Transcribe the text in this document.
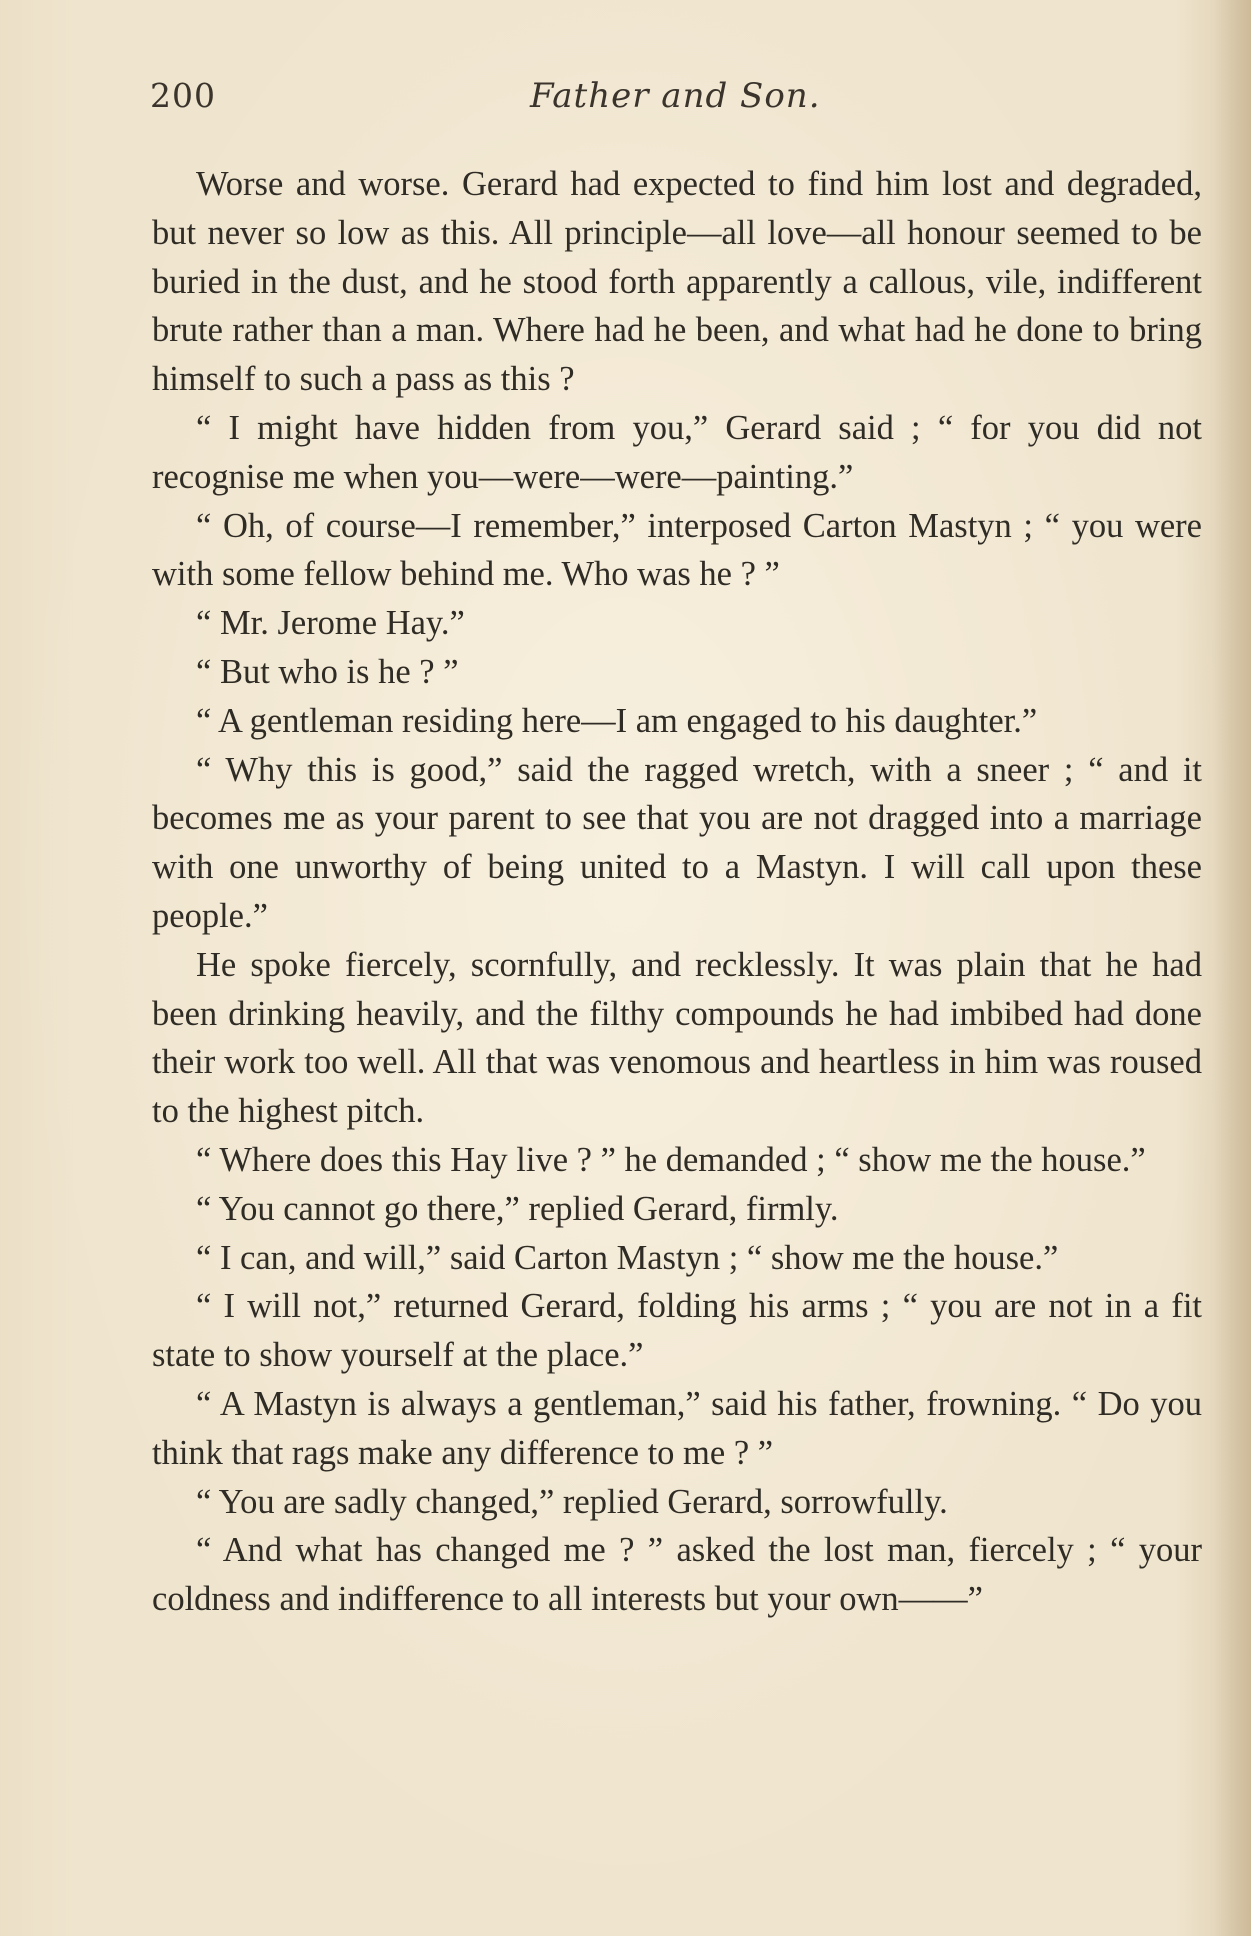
200	Father and Son.

Worse and worse. Gerard had expected to find him lost and degraded, but never so low as this. All principle—all love—all honour seemed to be buried in the dust, and he stood forth apparently a callous, vile, indifferent brute rather than a man. Where had he been, and what had he done to bring himself to such a pass as this ?

“ I might have hidden from you,” Gerard said ; “ for you did not recognise me when you—were—were—painting.”

“ Oh, of course—I remember,” interposed Carton Mastyn ; “ you were with some fellow behind me. Who was he ? ”

“ Mr. Jerome Hay.”

“ But who is he ? ”

“ A gentleman residing here—I am engaged to his daughter.”

“ Why this is good,” said the ragged wretch, with a sneer ; “ and it becomes me as your parent to see that you are not dragged into a marriage with one unworthy of being united to a Mastyn. I will call upon these people.”

He spoke fiercely, scornfully, and recklessly. It was plain that he had been drinking heavily, and the filthy compounds he had imbibed had done their work too well. All that was venomous and heartless in him was roused to the highest pitch.

“ Where does this Hay live ? ” he demanded ; “ show me the house.”

“ You cannot go there,” replied Gerard, firmly.

“ I can, and will,” said Carton Mastyn ; “ show me the house.”

“ I will not,” returned Gerard, folding his arms ; “ you are not in a fit state to show yourself at the place.”

“ A Mastyn is always a gentleman,” said his father, frowning. “ Do you think that rags make any difference to me ? ”

“ You are sadly changed,” replied Gerard, sorrowfully.

“ And what has changed me ? ” asked the lost man, fiercely ; “ your coldness and indifference to all interests but your own——”
